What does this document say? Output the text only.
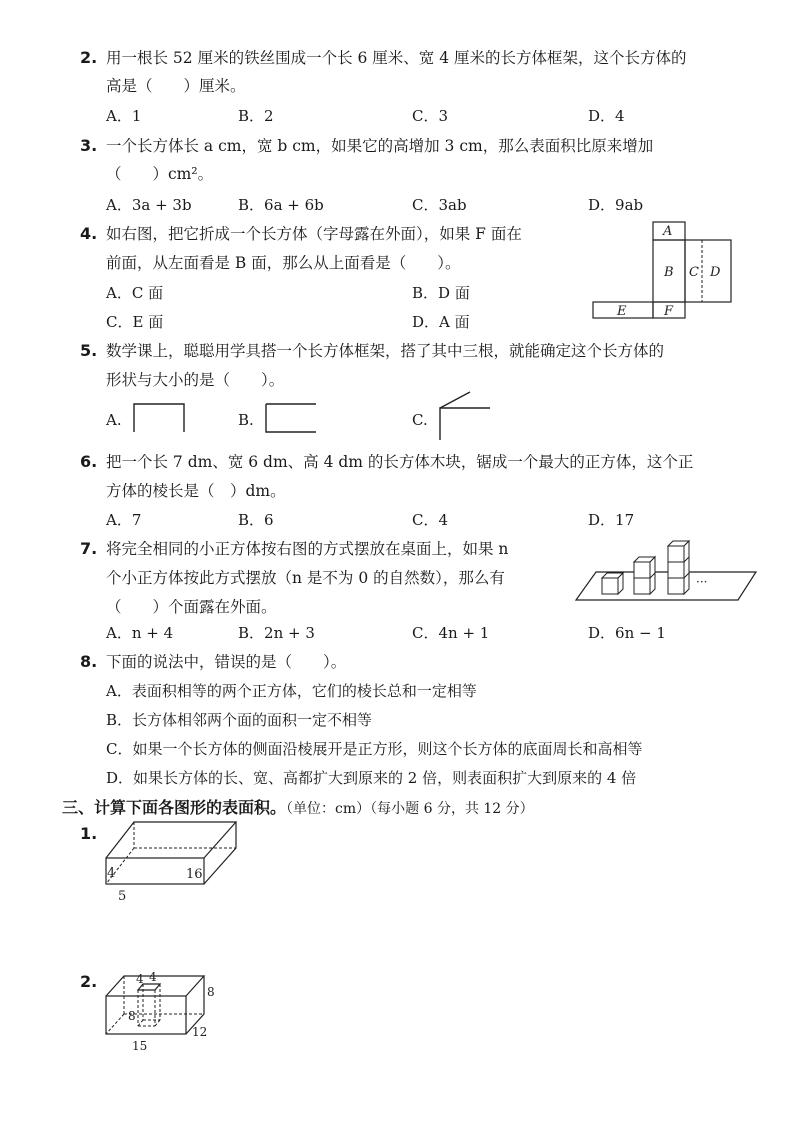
2. 用一根长 52 厘米的铁丝围成一个长 6 厘米、宽 4 厘米的长方体框架，这个长方体的
高是（　　）厘米。
A．1	B．2	C．3	D．4
3. 一个长方体长 a cm，宽 b cm，如果它的高增加 3 cm，那么表面积比原来增加
（　　）cm²。
A．3a + 3b	B．6a + 6b	C．3ab	D．9ab
4. 如右图，把它折成一个长方体（字母露在外面），如果 F 面在
前面，从左面看是 B 面，那么从上面看是（　　）。
A．C 面	B．D 面
C．E 面	D．A 面
A
B C D
E	F
5. 数学课上，聪聪用学具搭一个长方体框架，搭了其中三根，就能确定这个长方体的
形状与大小的是（　　）。
A.	B.	C.
6. 把一个长 7 dm、宽 6 dm、高 4 dm 的长方体木块，锯成一个最大的正方体，这个正
方体的棱长是（　）dm。
A．7	B．6	C．4	D．17
7. 将完全相同的小正方体按右图的方式摆放在桌面上，如果 n
个小正方体按此方式摆放（n 是不为 0 的自然数），那么有
（　　）个面露在外面。
A．n + 4	B．2n + 3	C．4n + 1	D．6n − 1
···
8. 下面的说法中，错误的是（　　）。
A．表面积相等的两个正方体，它们的棱长总和一定相等
B．长方体相邻两个面的面积一定不相等
C．如果一个长方体的侧面沿棱展开是正方形，则这个长方体的底面周长和高相等
D．如果长方体的长、宽、高都扩大到原来的 2 倍，则表面积扩大到原来的 4 倍
三、计算下面各图形的表面积。（单位：cm）（每小题 6 分，共 12 分）
1.
4	16
5
2.	4 4
8
8
12
15
